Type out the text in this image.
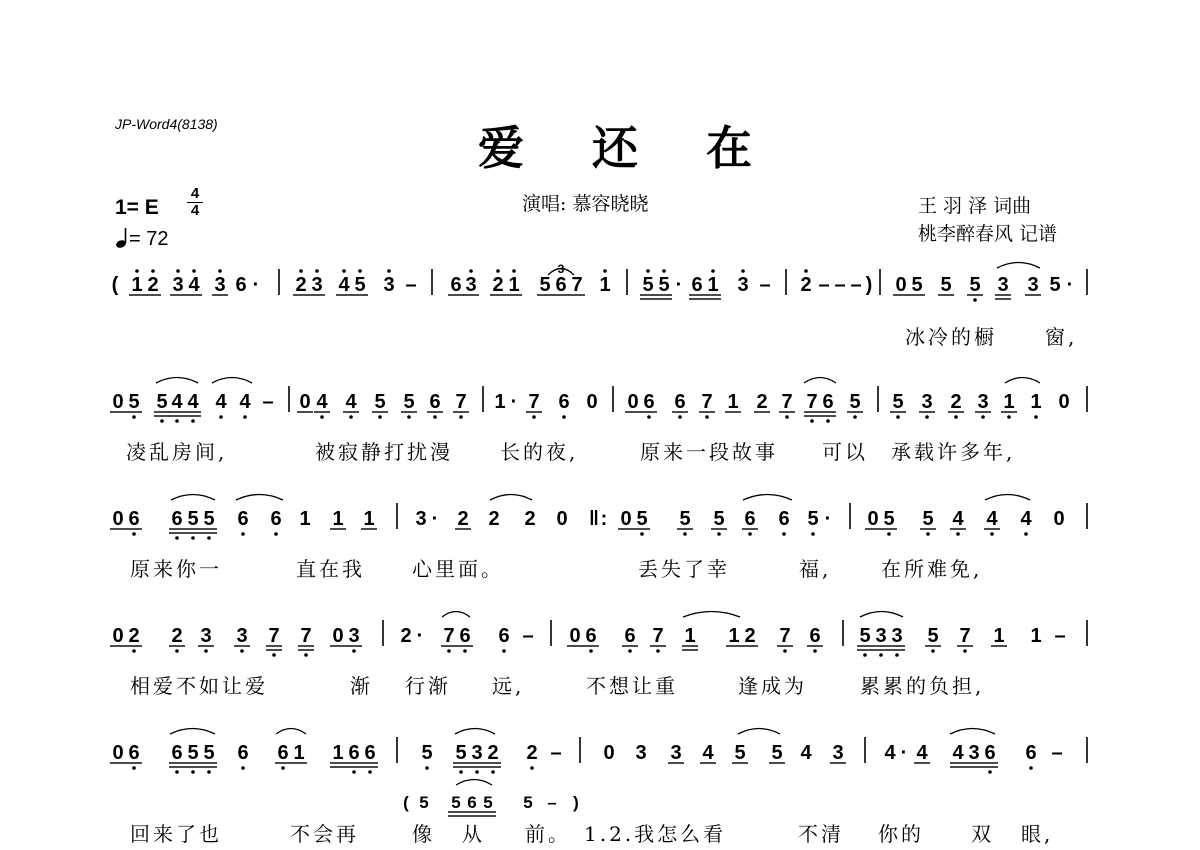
JP-Word4(8138)	爱 还 在
1= E
4
4
= 72
演唱: 慕容晓晓	王 羽 泽 词曲
桃李醉春风 记谱
( 1 2 3 4 3 6 · 2 3 4 5 3 – 6 3 2 1 5 6 7 1 5 5 · 6 1 3 – 2 – – – ) 0 5 5 5 3 3 5 ·
0 5 5 4 4 4 4 – 0 4 4 5 5 6 7 1 · 7 6 0 0 6 6 7 1 2 7 7 6 5 5 3 2 3 1 1 0
0 6 6 5 5 6 6 1 1 1 3 · 2 2 2 0 ‖ : 0 5 5 5 6 6 5 · 0 5 5 4 4 4 0
0 2 2 3 3 7 7 0 3 2 · 7 6 6 – 0 6 6 7 1 1 2 7 6 5 3 3 5 7 1 1 –
0 6 6 5 5 6 6 1 1 6 6 5 5 3 2 2 – 0 3 3 4 5 5 4 3 4 · 4 4 3 6 6 –
( 5 5 6 5 5 – )
3
冰冷的橱 窗,
凌乱房间,	被寂静打扰漫 长的夜,	原来一段故事 可以 承载许多年,
原来你一	直在我 心里面。	丢失了幸	福, 在所难免,
相爱不如让爱	渐 行渐 远,	不想让重	逢成为	累累的负担,
回来了也	不会再	像 从 前。 1.2.我怎么看	不清 你的 双 眼,
